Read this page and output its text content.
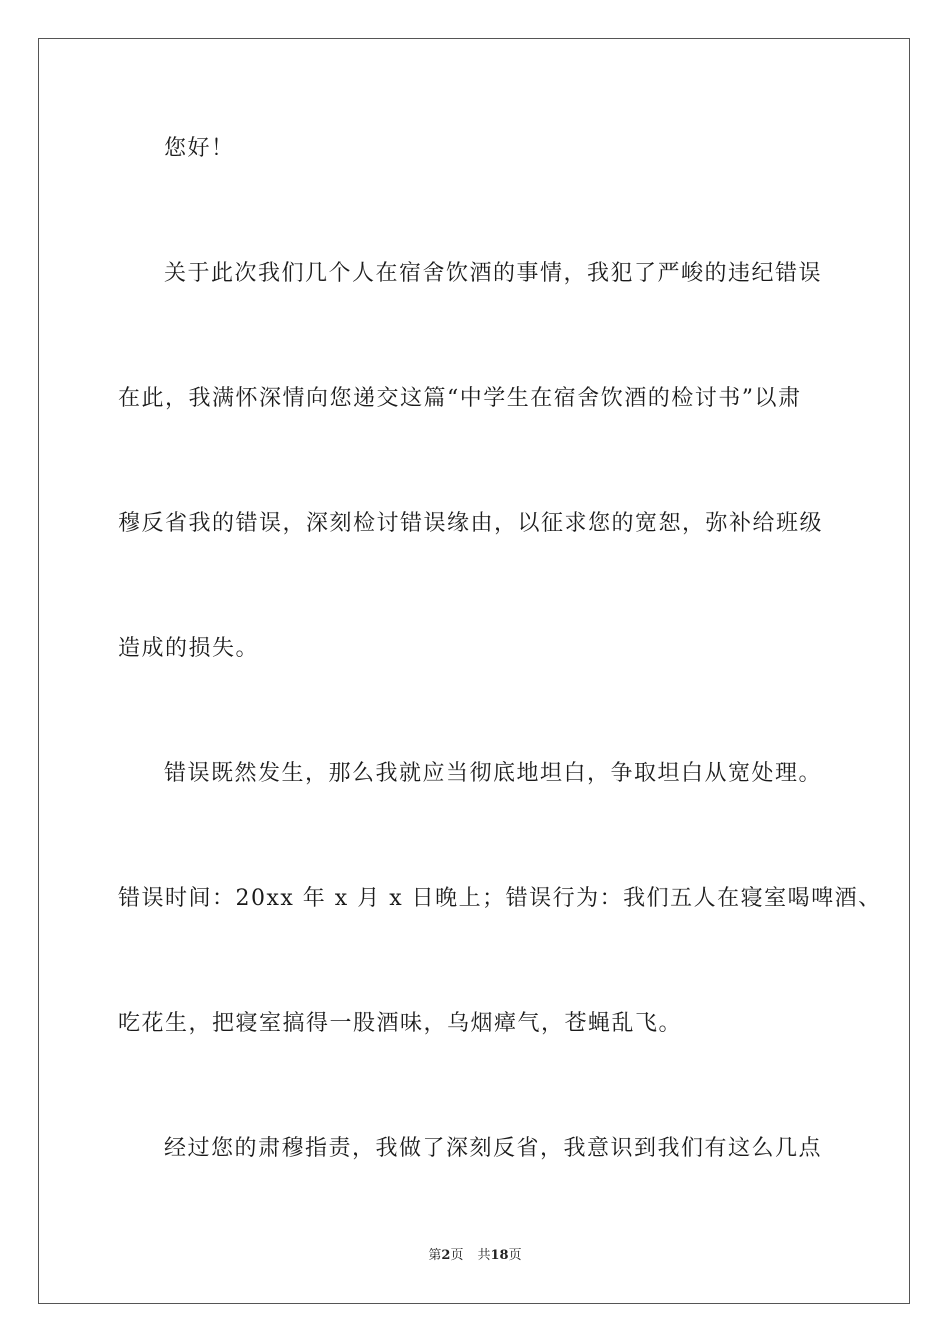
您好！
关于此次我们几个人在宿舍饮酒的事情，我犯了严峻的违纪错误
在此，我满怀深情向您递交这篇“中学生在宿舍饮酒的检讨书”以肃
穆反省我的错误，深刻检讨错误缘由，以征求您的宽恕，弥补给班级
造成的损失。
错误既然发生，那么我就应当彻底地坦白，争取坦白从宽处理。
错误时间：20xx 年 x 月 x 日晚上；错误行为：我们五人在寝室喝啤酒、
吃花生，把寝室搞得一股酒味，乌烟瘴气，苍蝇乱飞。
经过您的肃穆指责，我做了深刻反省，我意识到我们有这么几点
第2页 共18页
